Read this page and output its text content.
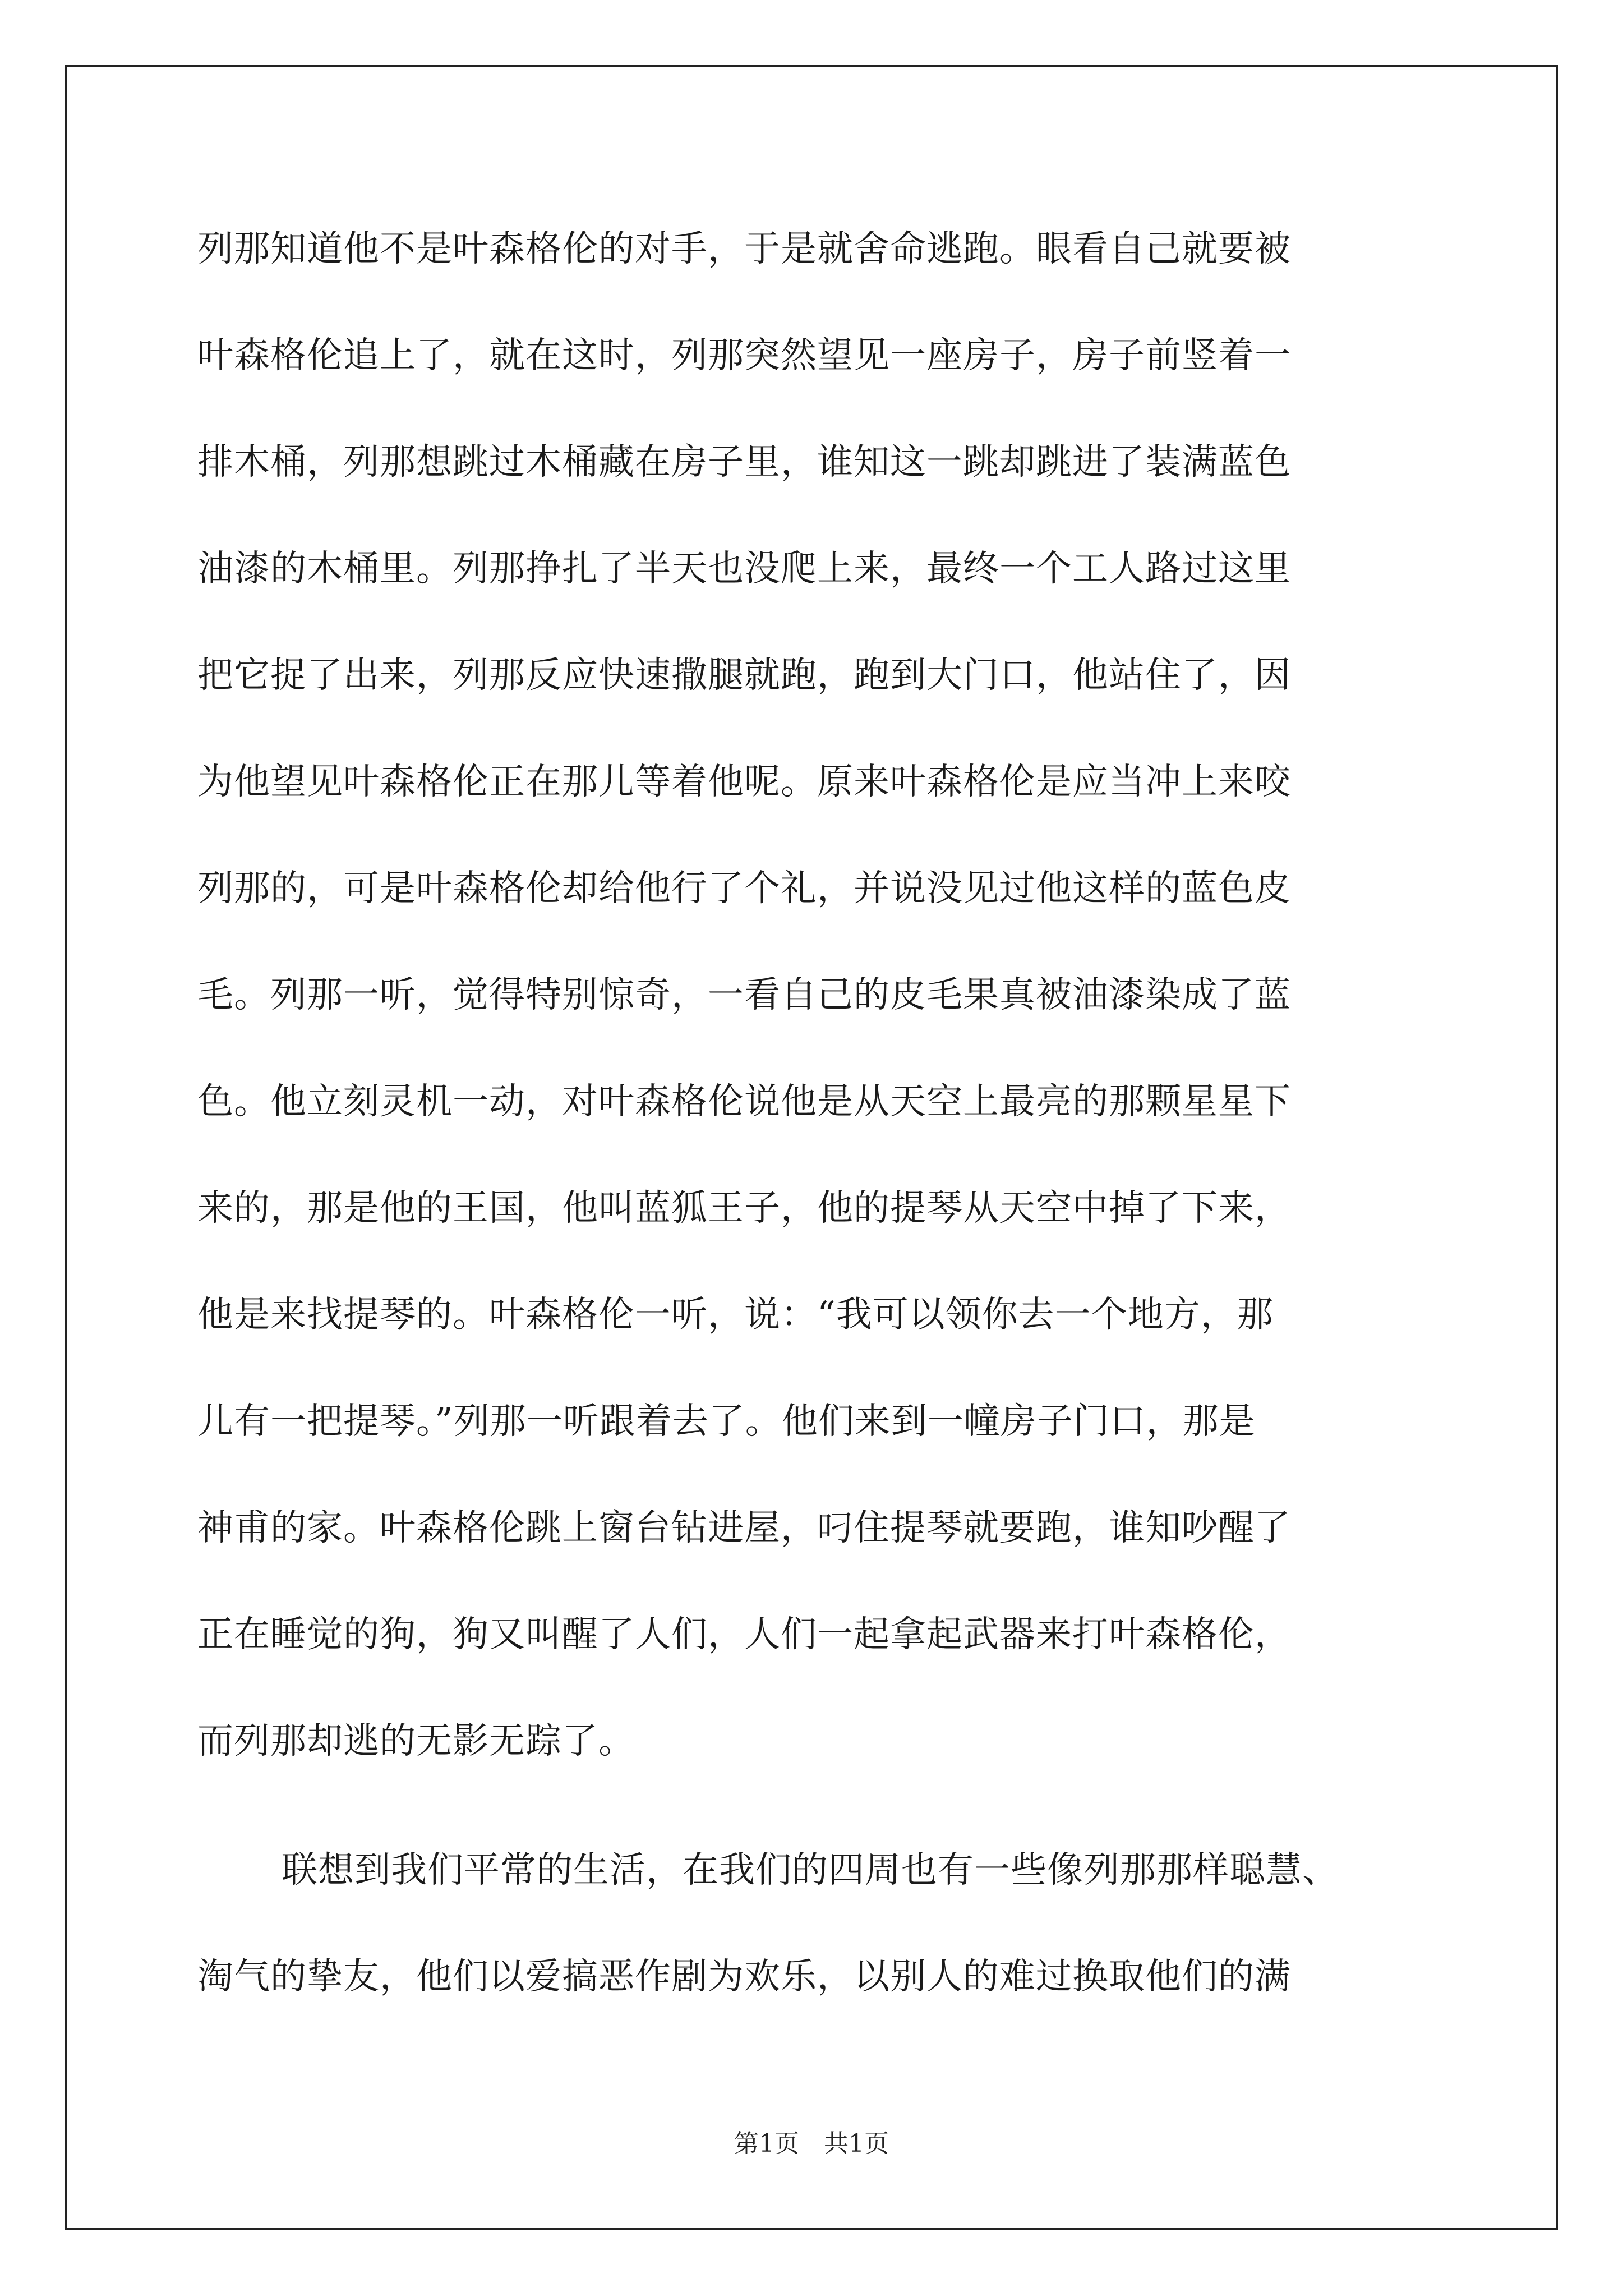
列那知道他不是叶森格伦的对手，于是就舍命逃跑。眼看自己就要被
叶森格伦追上了，就在这时，列那突然望见一座房子，房子前竖着一
排木桶，列那想跳过木桶藏在房子里，谁知这一跳却跳进了装满蓝色
油漆的木桶里。列那挣扎了半天也没爬上来，最终一个工人路过这里
把它捉了出来，列那反应快速撒腿就跑，跑到大门口，他站住了，因
为他望见叶森格伦正在那儿等着他呢。原来叶森格伦是应当冲上来咬
列那的，可是叶森格伦却给他行了个礼，并说没见过他这样的蓝色皮
毛。列那一听，觉得特别惊奇，一看自己的皮毛果真被油漆染成了蓝
色。他立刻灵机一动，对叶森格伦说他是从天空上最亮的那颗星星下
来的，那是他的王国，他叫蓝狐王子，他的提琴从天空中掉了下来，
他是来找提琴的。叶森格伦一听，说：“我可以领你去一个地方，那
儿有一把提琴。”列那一听跟着去了。他们来到一幢房子门口，那是
神甫的家。叶森格伦跳上窗台钻进屋，叼住提琴就要跑，谁知吵醒了
正在睡觉的狗，狗又叫醒了人们，人们一起拿起武器来打叶森格伦，
而列那却逃的无影无踪了。
联想到我们平常的生活，在我们的四周也有一些像列那那样聪慧、
淘气的挚友，他们以爱搞恶作剧为欢乐，以别人的难过换取他们的满
第1页　共1页
